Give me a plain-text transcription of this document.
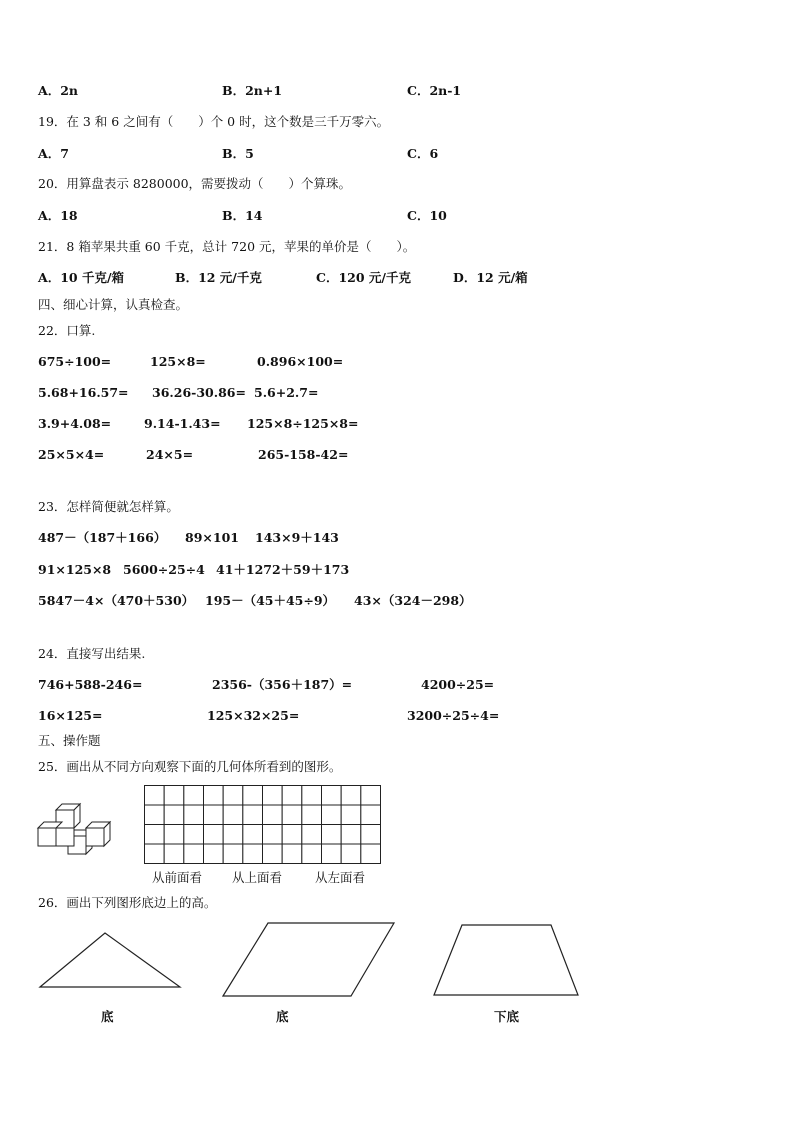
A．2n	B．2n+1	C．2n-1
19．在 3 和 6 之间有（　　）个 0 时，这个数是三千万零六。
A．7	B．5	C．6
20．用算盘表示 8280000，需要拨动（　　）个算珠。
A．18	B．14	C．10
21．8 箱苹果共重 60 千克，总计 720 元，苹果的单价是（　　）。
A．10 千克/箱	B．12 元/千克	C．120 元/千克	D．12 元/箱
四、细心计算，认真检查。
22．口算.
675÷100=	125×8=	0.896×100=
5.68+16.57= 36.26-30.86= 5.6+2.7=
3.9+4.08=	9.14-1.43= 125×8÷125×8=
25×5×4=	24×5=	265-158-42=
23．怎样简便就怎样算。
487－（187＋166） 89×101 143×9＋143
91×125×8 5600÷25÷4 41＋1272＋59＋173
5847－4×（470＋530） 195－（45＋45÷9） 43×（324－298）
24．直接写出结果.
746+588-246=	2356-（356＋187）=	4200÷25=
16×125=	125×32×25=	3200÷25÷4=
五、操作题
25．画出从不同方向观察下面的几何体所看到的图形。
从前面看 从上面看	从左面看
26．画出下列图形底边上的高。
底	底	下底
